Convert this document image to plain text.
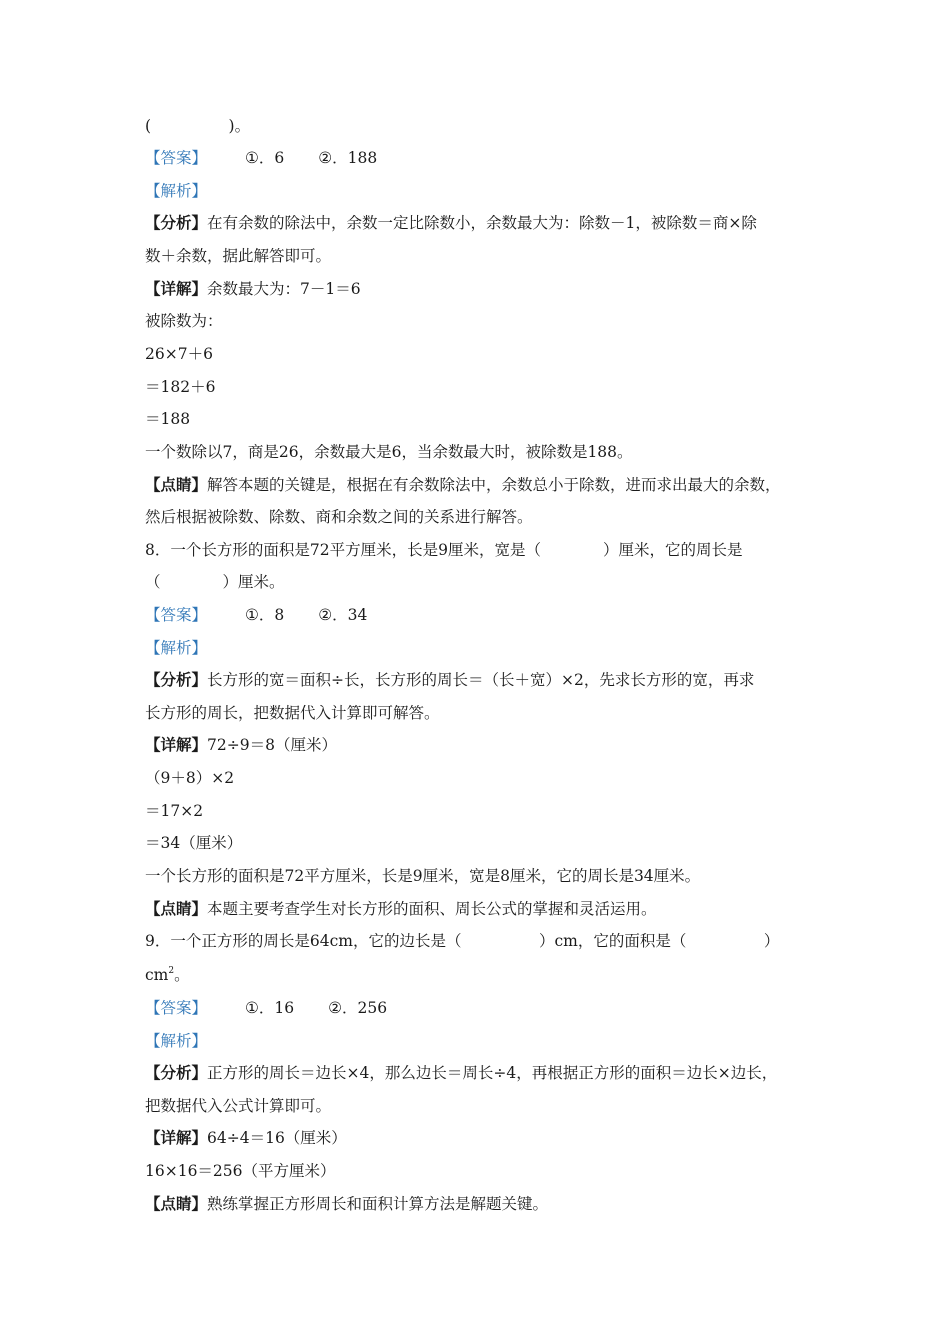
(　　　　　)。
【答案】 ①．6 ②．188
【解析】
【分析】在有余数的除法中，余数一定比除数小，余数最大为：除数－1，被除数＝商×除
数＋余数，据此解答即可。
【详解】余数最大为：7－1＝6
被除数为：
26×7＋6
＝182＋6
＝188
一个数除以7，商是26，余数最大是6，当余数最大时，被除数是188。
【点睛】解答本题的关键是，根据在有余数除法中，余数总小于除数，进而求出最大的余数，
然后根据被除数、除数、商和余数之间的关系进行解答。
8．一个长方形的面积是72平方厘米，长是9厘米，宽是（　　　　）厘米，它的周长是
（　　　　）厘米。
【答案】 ①．8 ②．34
【解析】
【分析】长方形的宽＝面积÷长，长方形的周长＝（长＋宽）×2，先求长方形的宽，再求
长方形的周长，把数据代入计算即可解答。
【详解】72÷9＝8（厘米）
（9＋8）×2
＝17×2
＝34（厘米）
一个长方形的面积是72平方厘米，长是9厘米，宽是8厘米，它的周长是34厘米。
【点睛】本题主要考查学生对长方形的面积、周长公式的掌握和灵活运用。
9．一个正方形的周长是64cm，它的边长是（　　　　　）cm，它的面积是（　　　　　）
$cm^2$。
【答案】 ①．16 ②．256
【解析】
【分析】正方形的周长＝边长×4，那么边长＝周长÷4，再根据正方形的面积＝边长×边长，
把数据代入公式计算即可。
【详解】64÷4＝16（厘米）
16×16＝256（平方厘米）
【点睛】熟练掌握正方形周长和面积计算方法是解题关键。
